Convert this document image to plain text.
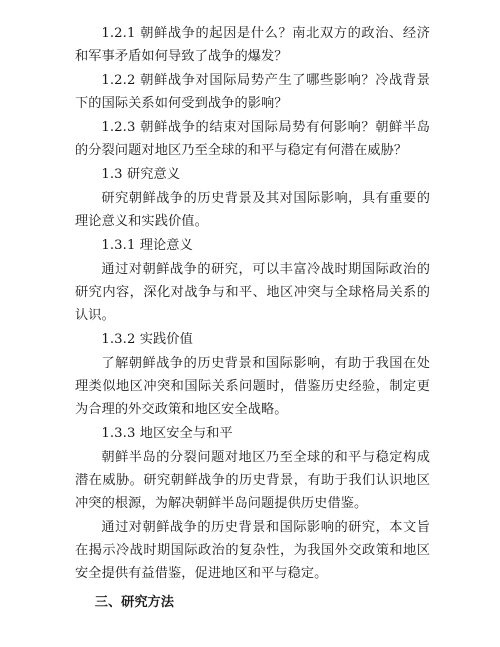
1.2.1 朝鲜战争的起因是什么？南北双方的政治、经济和军事矛盾如何导致了战争的爆发？

1.2.2 朝鲜战争对国际局势产生了哪些影响？冷战背景下的国际关系如何受到战争的影响？

1.2.3 朝鲜战争的结束对国际局势有何影响？朝鲜半岛的分裂问题对地区乃至全球的和平与稳定有何潜在威胁？

1.3 研究意义

研究朝鲜战争的历史背景及其对国际影响，具有重要的理论意义和实践价值。

1.3.1 理论意义

通过对朝鲜战争的研究，可以丰富冷战时期国际政治的研究内容，深化对战争与和平、地区冲突与全球格局关系的认识。

1.3.2 实践价值

了解朝鲜战争的历史背景和国际影响，有助于我国在处理类似地区冲突和国际关系问题时，借鉴历史经验，制定更为合理的外交政策和地区安全战略。

1.3.3 地区安全与和平

朝鲜半岛的分裂问题对地区乃至全球的和平与稳定构成潜在威胁。研究朝鲜战争的历史背景，有助于我们认识地区冲突的根源，为解决朝鲜半岛问题提供历史借鉴。

通过对朝鲜战争的历史背景和国际影响的研究，本文旨在揭示冷战时期国际政治的复杂性，为我国外交政策和地区安全提供有益借鉴，促进地区和平与稳定。

三、研究方法
